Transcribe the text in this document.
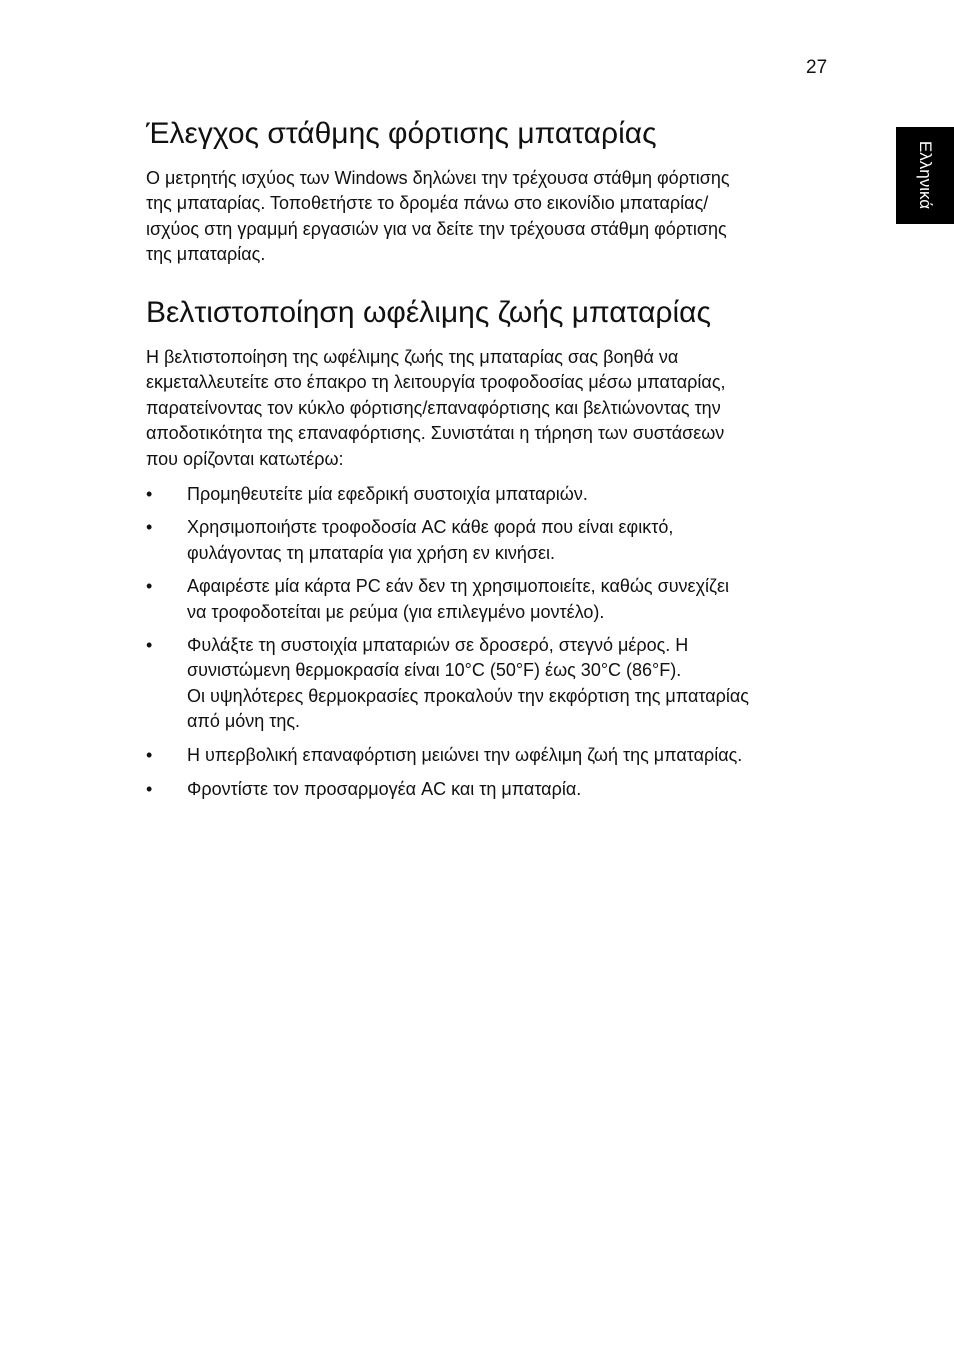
27
Ελληνικά
Έλεγχος στάθμης φόρτισης μπαταρίας

Ο μετρητής ισχύος των Windows δηλώνει την τρέχουσα στάθμη φόρτισης
της μπαταρίας. Τοποθετήστε το δρομέα πάνω στο εικονίδιο μπαταρίας/
ισχύος στη γραμμή εργασιών για να δείτε την τρέχουσα στάθμη φόρτισης
της μπαταρίας.

Βελτιστοποίηση ωφέλιμης ζωής μπαταρίας

Η βελτιστοποίηση της ωφέλιμης ζωής της μπαταρίας σας βοηθά να
εκμεταλλευτείτε στο έπακρο τη λειτουργία τροφοδοσίας μέσω μπαταρίας,
παρατείνοντας τον κύκλο φόρτισης/επαναφόρτισης και βελτιώνοντας την
αποδοτικότητα της επαναφόρτισης. Συνιστάται η τήρηση των συστάσεων
που ορίζονται κατωτέρω:

• Προμηθευτείτε μία εφεδρική συστοιχία μπαταριών.
• Χρησιμοποιήστε τροφοδοσία AC κάθε φορά που είναι εφικτό,
φυλάγοντας τη μπαταρία για χρήση εν κινήσει.
• Αφαιρέστε μία κάρτα PC εάν δεν τη χρησιμοποιείτε, καθώς συνεχίζει
να τροφοδοτείται με ρεύμα (για επιλεγμένο μοντέλο).
• Φυλάξτε τη συστοιχία μπαταριών σε δροσερό, στεγνό μέρος. Η
συνιστώμενη θερμοκρασία είναι 10°C (50°F) έως 30°C (86°F).
Οι υψηλότερες θερμοκρασίες προκαλούν την εκφόρτιση της μπαταρίας
από μόνη της.
• Η υπερβολική επαναφόρτιση μειώνει την ωφέλιμη ζωή της μπαταρίας.
• Φροντίστε τον προσαρμογέα AC και τη μπαταρία.
